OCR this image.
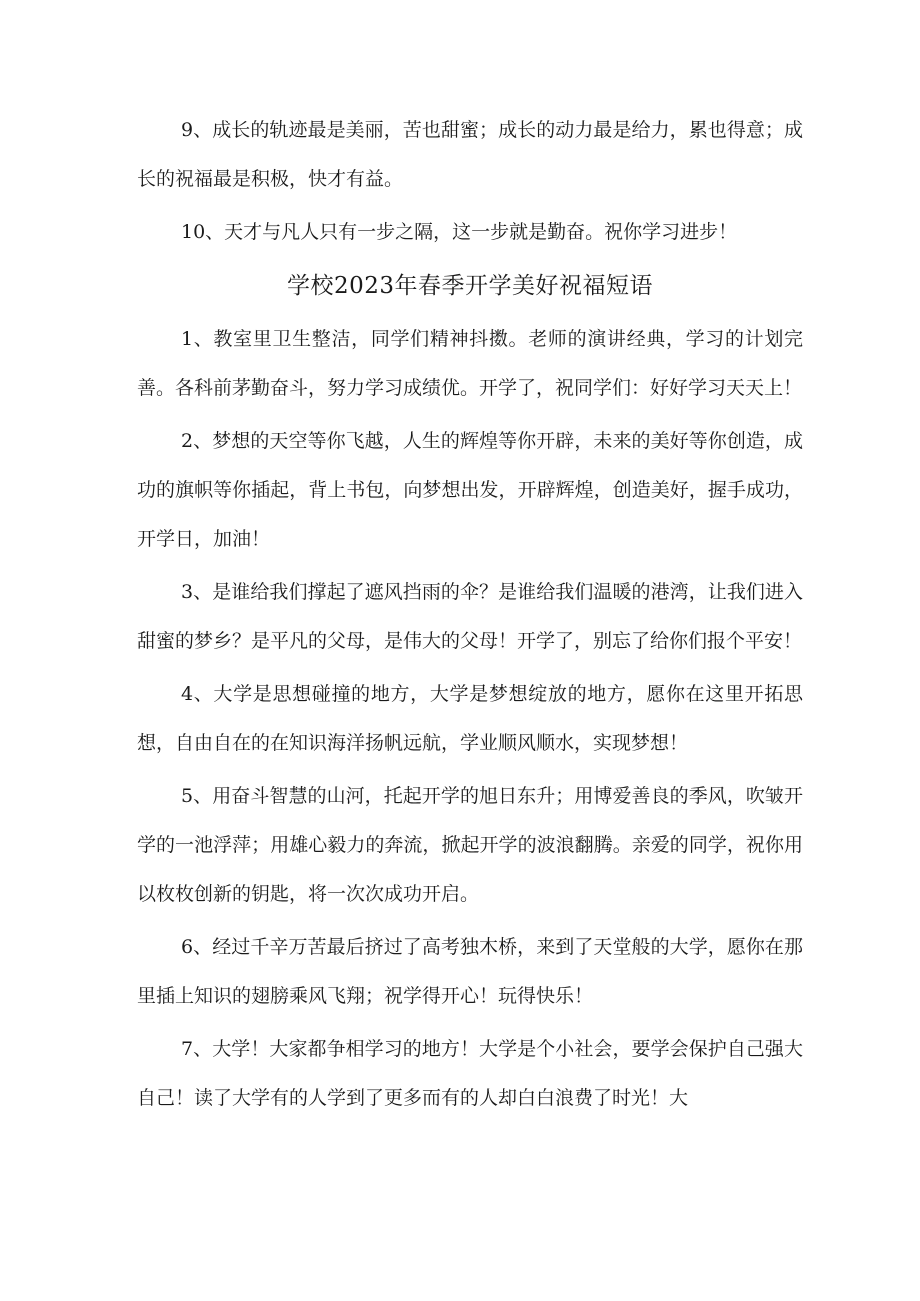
9、成长的轨迹最是美丽，苦也甜蜜；成长的动力最是给力，累也得意；成长的祝福最是积极，快才有益。

10、天才与凡人只有一步之隔，这一步就是勤奋。祝你学习进步！

学校2023年春季开学美好祝福短语

1、教室里卫生整洁，同学们精神抖擞。老师的演讲经典，学习的计划完善。各科前茅勤奋斗，努力学习成绩优。开学了，祝同学们：好好学习天天上！

2、梦想的天空等你飞越，人生的辉煌等你开辟，未来的美好等你创造，成功的旗帜等你插起，背上书包，向梦想出发，开辟辉煌，创造美好，握手成功，开学日，加油！

3、是谁给我们撑起了遮风挡雨的伞？是谁给我们温暖的港湾，让我们进入甜蜜的梦乡？是平凡的父母，是伟大的父母！开学了，别忘了给你们报个平安！

4、大学是思想碰撞的地方，大学是梦想绽放的地方，愿你在这里开拓思想，自由自在的在知识海洋扬帆远航，学业顺风顺水，实现梦想！

5、用奋斗智慧的山河，托起开学的旭日东升；用博爱善良的季风，吹皱开学的一池浮萍；用雄心毅力的奔流，掀起开学的波浪翻腾。亲爱的同学，祝你用以枚枚创新的钥匙，将一次次成功开启。

6、经过千辛万苦最后挤过了高考独木桥，来到了天堂般的大学，愿你在那里插上知识的翅膀乘风飞翔；祝学得开心！玩得快乐！

7、大学！大家都争相学习的地方！大学是个小社会，要学会保护自己强大自己！读了大学有的人学到了更多而有的人却白白浪费了时光！大
